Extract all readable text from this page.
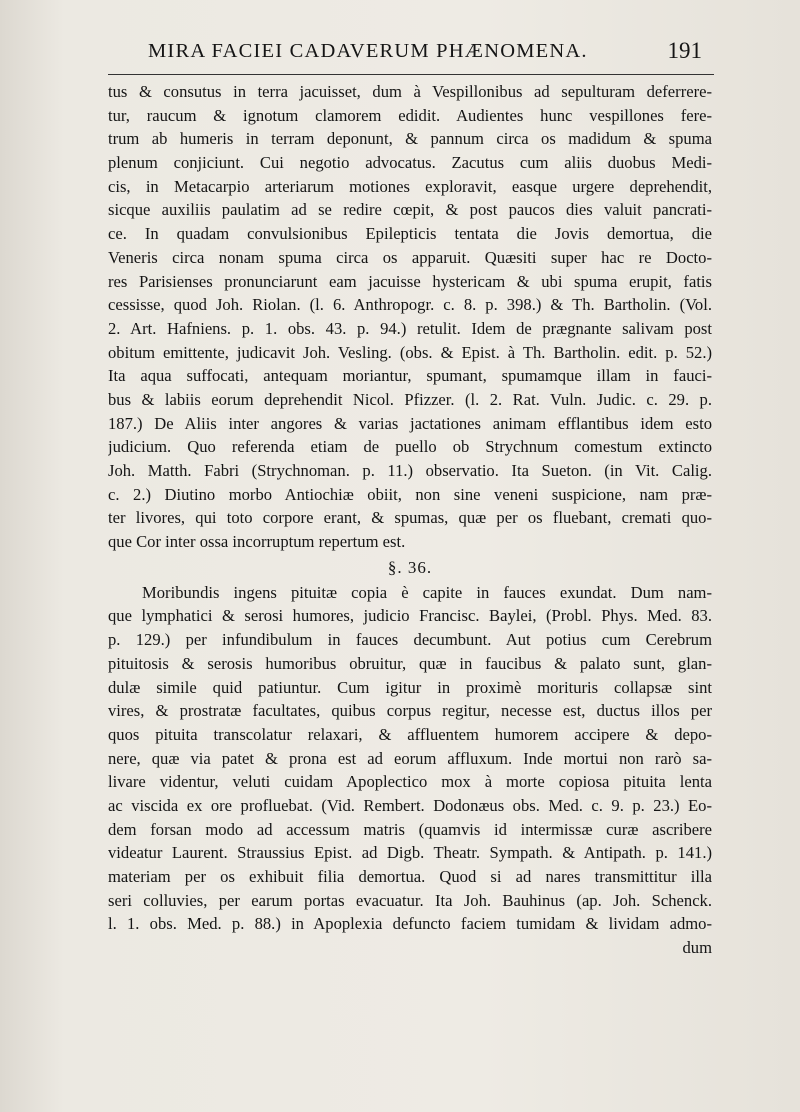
MIRA FACIEI CADAVERUM PHÆNOMENA.	191
tus & consutus in terra jacuisset, dum à Vespillonibus ad sepulturam deferrere-
tur, raucum & ignotum clamorem edidit. Audientes hunc vespillones fere-
trum ab humeris in terram deponunt, & pannum circa os madidum & spuma
plenum conjiciunt. Cui negotio advocatus. Zacutus cum aliis duobus Medi-
cis, in Metacarpio arteriarum motiones exploravit, easque urgere deprehendit,
sicque auxiliis paulatim ad se redire cœpit, & post paucos dies valuit pancrati-
ce. In quadam convulsionibus Epilepticis tentata die Jovis demortua, die
Veneris circa nonam spuma circa os apparuit. Quæsiti super hac re Docto-
res Parisienses pronunciarunt eam jacuisse hystericam & ubi spuma erupit, fatis
cessisse, quod Joh. Riolan. (l. 6. Anthropogr. c. 8. p. 398.) & Th. Bartholin. (Vol.
2. Art. Hafniens. p. 1. obs. 43. p. 94.) retulit. Idem de prægnante salivam post
obitum emittente, judicavit Joh. Vesling. (obs. & Epist. à Th. Bartholin. edit. p. 52.)
Ita aqua suffocati, antequam moriantur, spumant, spumamque illam in fauci-
bus & labiis eorum deprehendit Nicol. Pfizzer. (l. 2. Rat. Vuln. Judic. c. 29. p.
187.) De Aliis inter angores & varias jactationes animam efflantibus idem esto
judicium. Quo referenda etiam de puello ob Strychnum comestum extincto
Joh. Matth. Fabri (Strychnoman. p. 11.) observatio. Ita Sueton. (in Vit. Calig.
c. 2.) Diutino morbo Antiochiæ obiit, non sine veneni suspicione, nam præ-
ter livores, qui toto corpore erant, & spumas, quæ per os fluebant, cremati quo-
que Cor inter ossa incorruptum repertum est.
§. 36.
Moribundis ingens pituitæ copia è capite in fauces exundat. Dum nam-
que lymphatici & serosi humores, judicio Francisc. Baylei, (Probl. Phys. Med. 83.
p. 129.) per infundibulum in fauces decumbunt. Aut potius cum Cerebrum
pituitosis & serosis humoribus obruitur, quæ in faucibus & palato sunt, glan-
dulæ simile quid patiuntur. Cum igitur in proximè morituris collapsæ sint
vires, & prostratæ facultates, quibus corpus regitur, necesse est, ductus illos per
quos pituita transcolatur relaxari, & affluentem humorem accipere & depo-
nere, quæ via patet & prona est ad eorum affluxum. Inde mortui non rarò sa-
livare videntur, veluti cuidam Apoplectico mox à morte copiosa pituita lenta
ac viscida ex ore profluebat. (Vid. Rembert. Dodonæus obs. Med. c. 9. p. 23.) Eo-
dem forsan modo ad accessum matris (quamvis id intermissæ curæ ascribere
videatur Laurent. Straussius Epist. ad Digb. Theatr. Sympath. & Antipath. p. 141.)
materiam per os exhibuit filia demortua. Quod si ad nares transmittitur illa
seri colluvies, per earum portas evacuatur. Ita Joh. Bauhinus (ap. Joh. Schenck.
l. 1. obs. Med. p. 88.) in Apoplexia defuncto faciem tumidam & lividam admo-
dum
